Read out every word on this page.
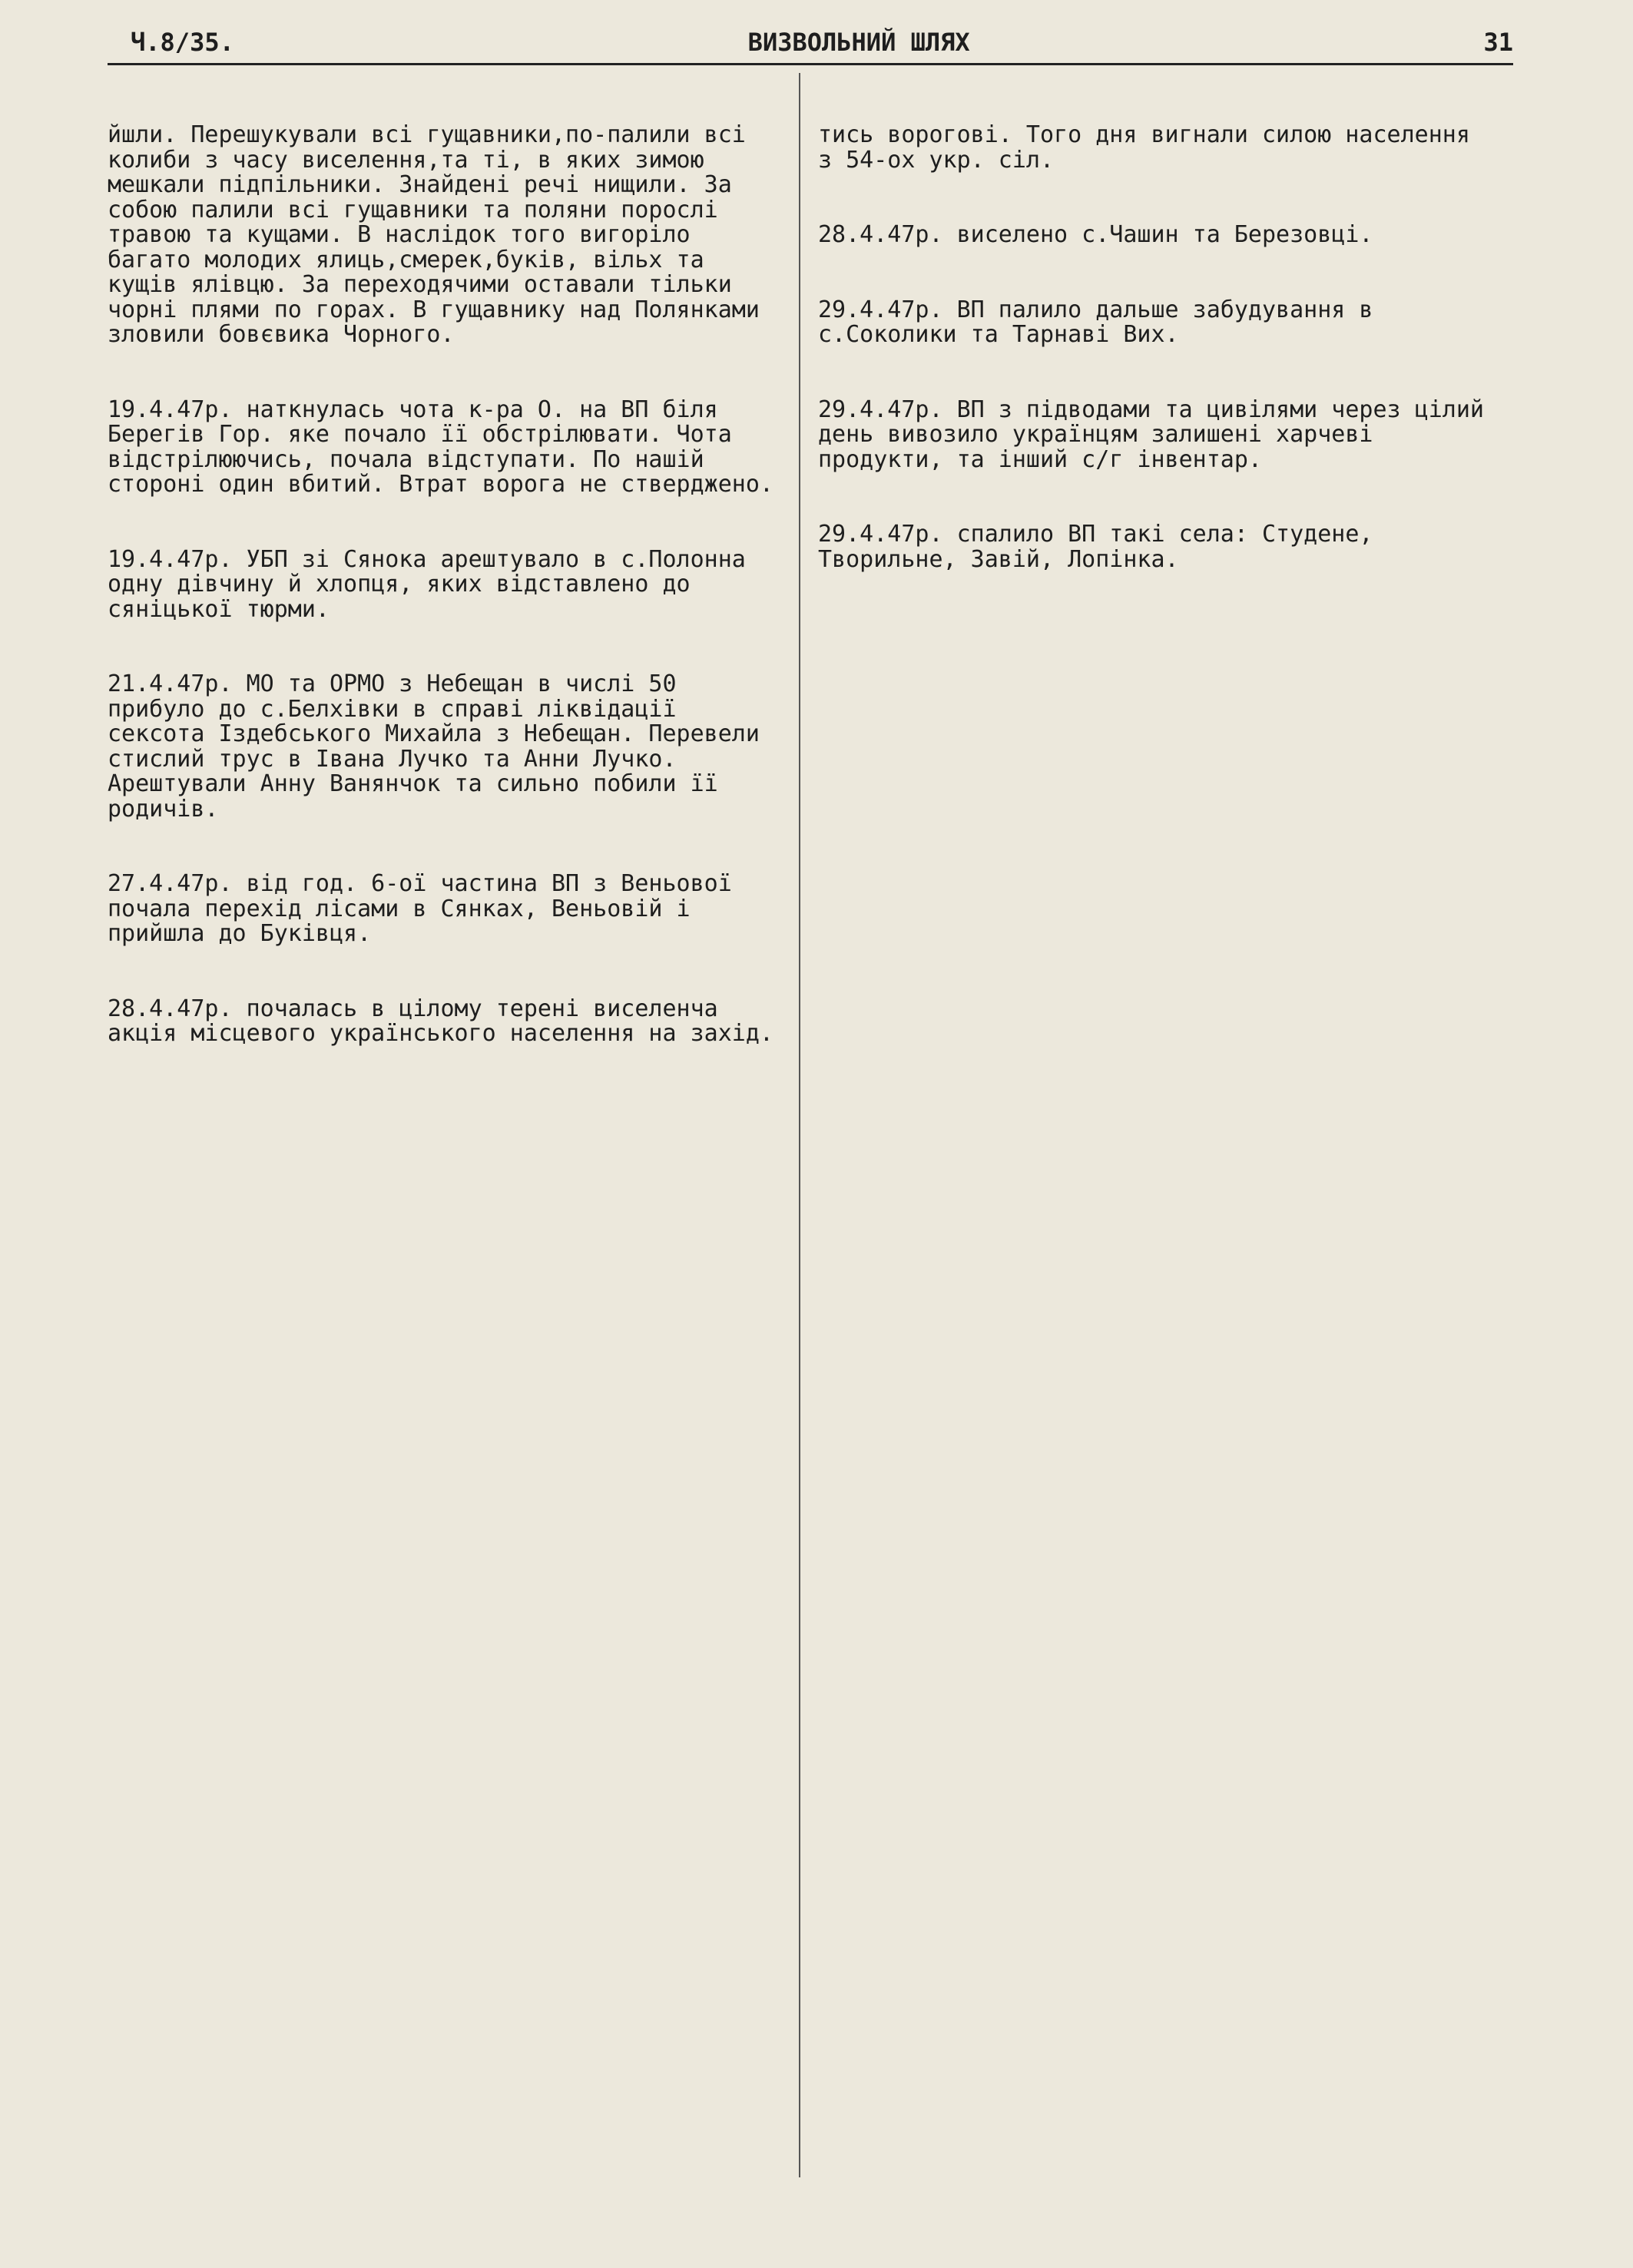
Ч.8/35.	ВИЗВОЛЬНИЙ ШЛЯХ	31

йшли. Перешукували всі гущавники,по-палили всі колиби з часу виселення,та ті, в яких зимою мешкали підпільники. Знайдені речі нищили. За собою палили всі гущавники та поляни порослі травою та кущами. В наслідок того вигоріло багато молодих ялиць,смерек,буків, вільх та кущів ялівцю. За переходячими оставали тільки чорні плями по горах. В гущавнику над Полянками зловили бовєвика Чорного.

19.4.47р. наткнулась чота к-ра О. на ВП біля Берегів Гор. яке почало її обстрілювати. Чота відстрілюючись, почала відступати. По нашій стороні один вбитий. Втрат ворога не стверджено.

19.4.47р. УБП зі Сянока арештувало в с.Полонна одну дівчину й хлопця, яких відставлено до сяніцької тюрми.

21.4.47р. МО та ОРМО з Небещан в числі 50 прибуло до с.Белхівки в справі ліквідації сексота Іздебського Михайла з Небещан. Перевели стислий трус в Івана Лучко та Анни Лучко. Арештували Анну Ванянчок та сильно побили її родичів.

27.4.47р. від год. 6-ої частина ВП з Веньової почала перехід лісами в Сянках, Веньовій і прийшла до Буківця.

28.4.47р. почалась в цілому терені виселенча акція місцевого українського населення на захід.

тись ворогові. Того дня вигнали силою населення з 54-ох укр. сіл.

28.4.47р. виселено с.Чашин та Березовці.

29.4.47р. ВП палило дальше забудування в с.Соколики та Тарнаві Вих.

29.4.47р. ВП з підводами та цивілями через цілий день вивозило українцям залишені харчеві продукти, та інший с/г інвентар.

29.4.47р. спалило ВП такі села: Студене, Творильне, Завій, Лопінка.
